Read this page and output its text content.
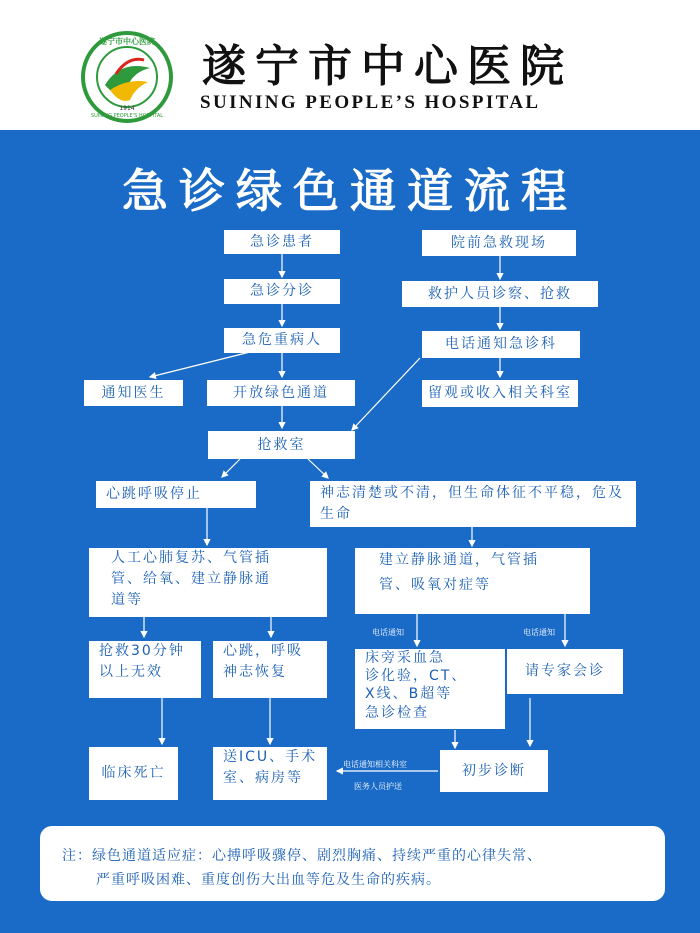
遂宁市中心医院
SUINING PEOPLE'S HOSPITAL
1914
遂宁市中心医院
SUINING PEOPLE’S HOSPITAL
急诊绿色通道流程
急诊患者
急诊分诊
急危重病人
通知医生	开放绿色通道
院前急救现场
救护人员诊察、抢救
电话通知急诊科
留观或收入相关科室
抢救室
心跳呼吸停止	神志清楚或不清，但生命体征不平稳，危及生命
人工心肺复苏、气管插
管、给氧、建立静脉通
道等
建立静脉通道，气管插
管、吸氧对症等
电话通知	电话通知
抢救30分钟
以上无效
心跳，呼吸
神志恢复
床旁采血急
诊化验，CT、
X线、B超等
急诊检查
请专家会诊
临床死亡
送ICU、手术
室、病房等	初步诊断
电话通知相关科室
医务人员护送
注：绿色通道适应症：心搏呼吸骤停、剧烈胸痛、持续严重的心律失常、
严重呼吸困难、重度创伤大出血等危及生命的疾病。
